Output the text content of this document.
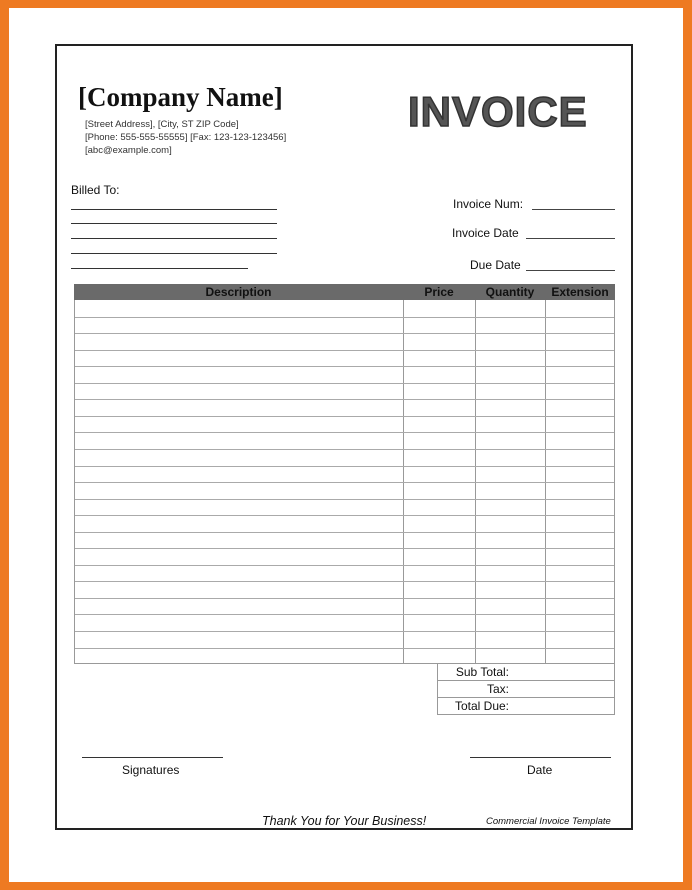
[Company Name]
[Street Address], [City, ST ZIP Code]
[Phone: 555-555-55555] [Fax: 123-123-123456]
[abc@example.com]
INVOICE
Billed To:
Invoice Num:
Invoice Date
Due Date
Description	Price	Quantity	Extension
Sub Total:
Tax:
Total Due:
Signatures	Date
Thank You for Your Business!	Commercial Invoice Template
